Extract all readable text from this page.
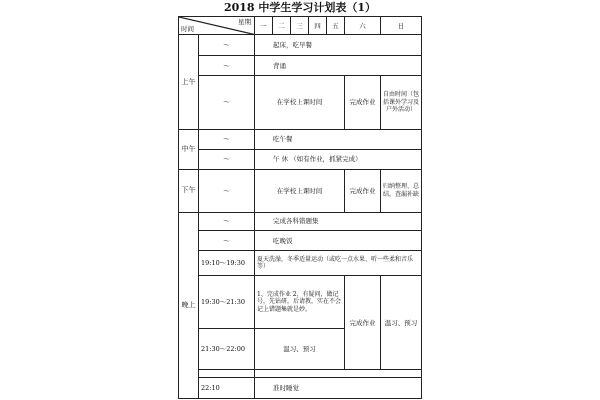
2018 中学生学习计划表（1）
星期
时间		一	二	三	四	五	六	日
上午	～	起床，吃早餐						
	～	背诵						
	～	在学校上课时间					完成作业	自由时间（包括课外学习及户外活动）
中午	～	吃午餐						
	～	午 休 （如有作业，抓紧完成）						
下午	～	在学校上课时间					完成作业	归纳整理、总结，查漏补缺
晚上	～	完成各科错题集						
	～	吃晚饭						
	19:10～19:30	夏天洗澡，冬季适量运动（或吃一点水果、听一些柔和音乐等）						
	19:30～21:30	1、完成作业 2、有疑问，做记号，先钻研，后请教，实在不会记上错题集就是妙。					完成作业	温习、预习
	21:30～22:00	温习、预习						

	22:10	准时睡觉						
